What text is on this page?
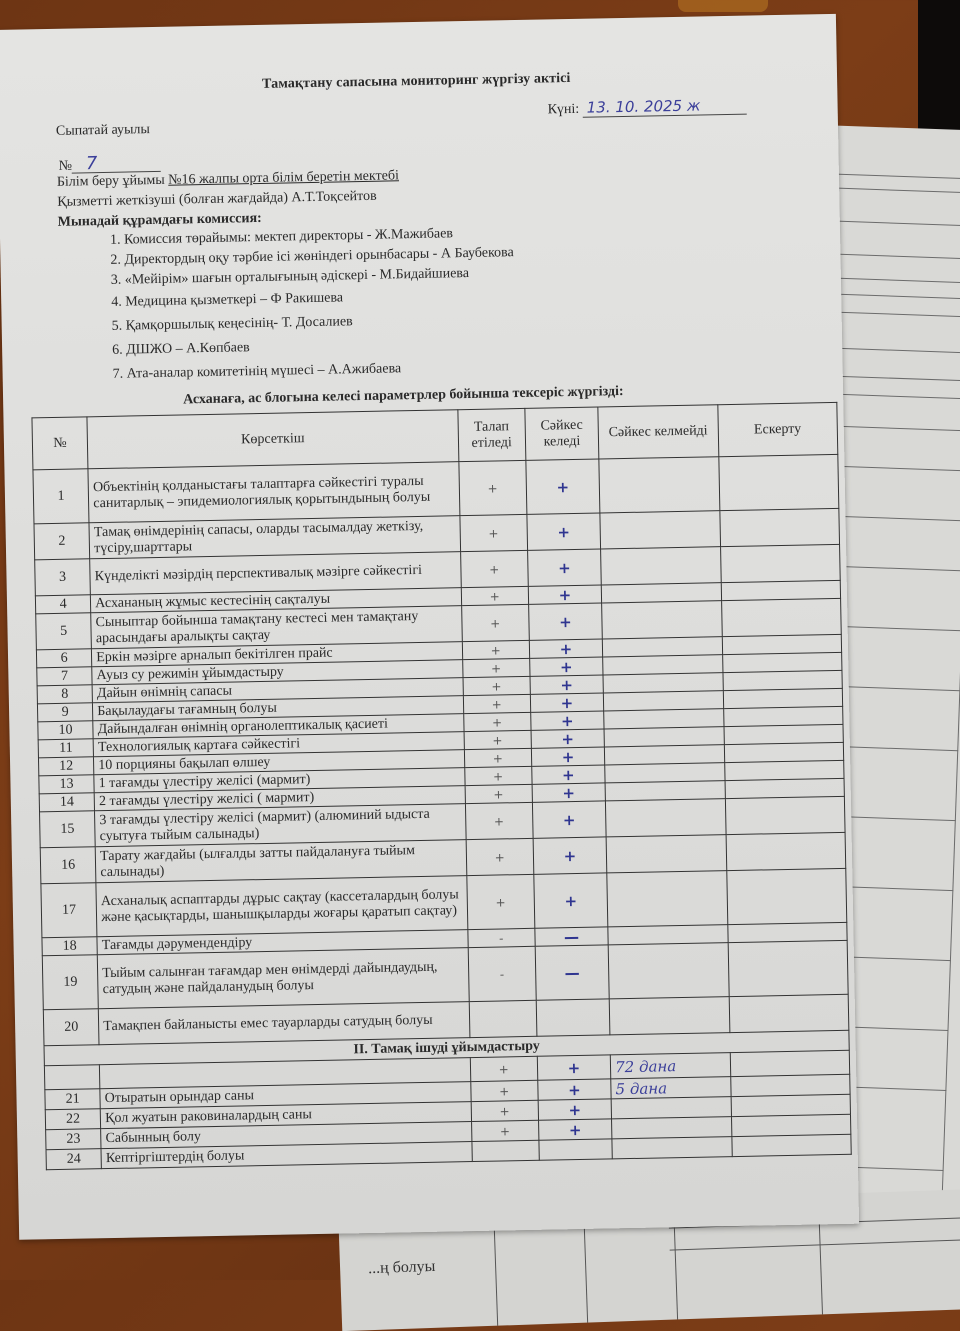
...ң болуы
Тамақтану сапасына мониторинг жүргізу актісі
Сыпатай ауылы
Күні: 13. 10. 2025 ж
№ 7
Білім беру ұйымы №16 жалпы орта білім беретін мектебі
Қызметті жеткізуші (болған жағдайда) А.Т.Тоқсейтов
Мынадай құрамдағы комиссия:
1. Комиссия төрайымы: мектеп директоры - Ж.Мажибаев
2. Директордың оқу тәрбие ісі жөніндегі орынбасары - А Баубекова
3. «Мейірім» шағын орталығының әдіскері - М.Бидайшиева
4. Медицина қызметкері – Ф Ракишева
5. Қамқоршылық кеңесінің- Т. Досалиев
6. ДШЖО – А.Көпбаев
7. Ата-аналар комитетінің мүшесі – А.Ажибаева
Асханаға, ас блогына келесі параметрлер бойынша тексеріс жүргізді:
№	Көрсеткіш	Талап етіледі	Сәйкес келеді	Сәйкес келмейді	Ескерту
1	Объектінің қолданыстағы талаптарға сәйкестігі туралы санитарлық – эпидемиологиялық қорытындының болуы	+	+		
2	Тамақ өнімдерінің сапасы, оларды тасымалдау жеткізу, түсіру,шарттары	+	+		
3	Күнделікті мәзірдің перспективалық мәзірге сәйкестігі	+	+		
4	Асхананың жұмыс кестесінің сақталуы	+	+		
5	Сыныптар бойынша тамақтану кестесі мен тамақтану арасындағы аралықты сақтау	+	+		
6	Еркін мәзірге арналып бекітілген прайс	+	+		
7	Ауыз су режимін ұйымдастыру	+	+		
8	Дайын өнімнің сапасы	+	+		
9	Бақылаудағы тағамның болуы	+	+		
10	Дайындалған өнімнің органолептикалық қасиеті	+	+		
11	Технологиялық картаға сәйкестігі	+	+		
12	10 порцияны бақылап өлшеу	+	+		
13	1 тағамды үлестіру желісі (мармит)	+	+		
14	2 тағамды үлестіру желісі ( мармит)	+	+		
15	3 тағамды үлестіру желісі (мармит) (алюминий ыдыста суытуға тыйым салынады)	+	+		
16	Тарату жағдайы (ылғалды затты пайдалануға тыйым салынады)	+	+		
17	Асханалық аспаптарды дұрыс сақтау (кассеталардың болуы және қасықтарды, шанышқыларды жоғары қаратып сақтау)	+	+		
18	Тағамды дәрумендендіру	-	—		
19	Тыйым салынған тағамдар мен өнімдерді дайындаудың, сатудың және пайдаланудың болуы	-	—		
20	Тамақпен байланысты емес тауарларды сатудың болуы				
ІІ. Тамақ ішуді ұйымдастыру					
		+	+	72 дана	
21	Отыратын орындар саны	+	+	5 дана	
22	Қол жуатын раковиналардың саны	+	+		
23	Сабынның болу	+	+		
24	Кептіргіштердің болуы				
